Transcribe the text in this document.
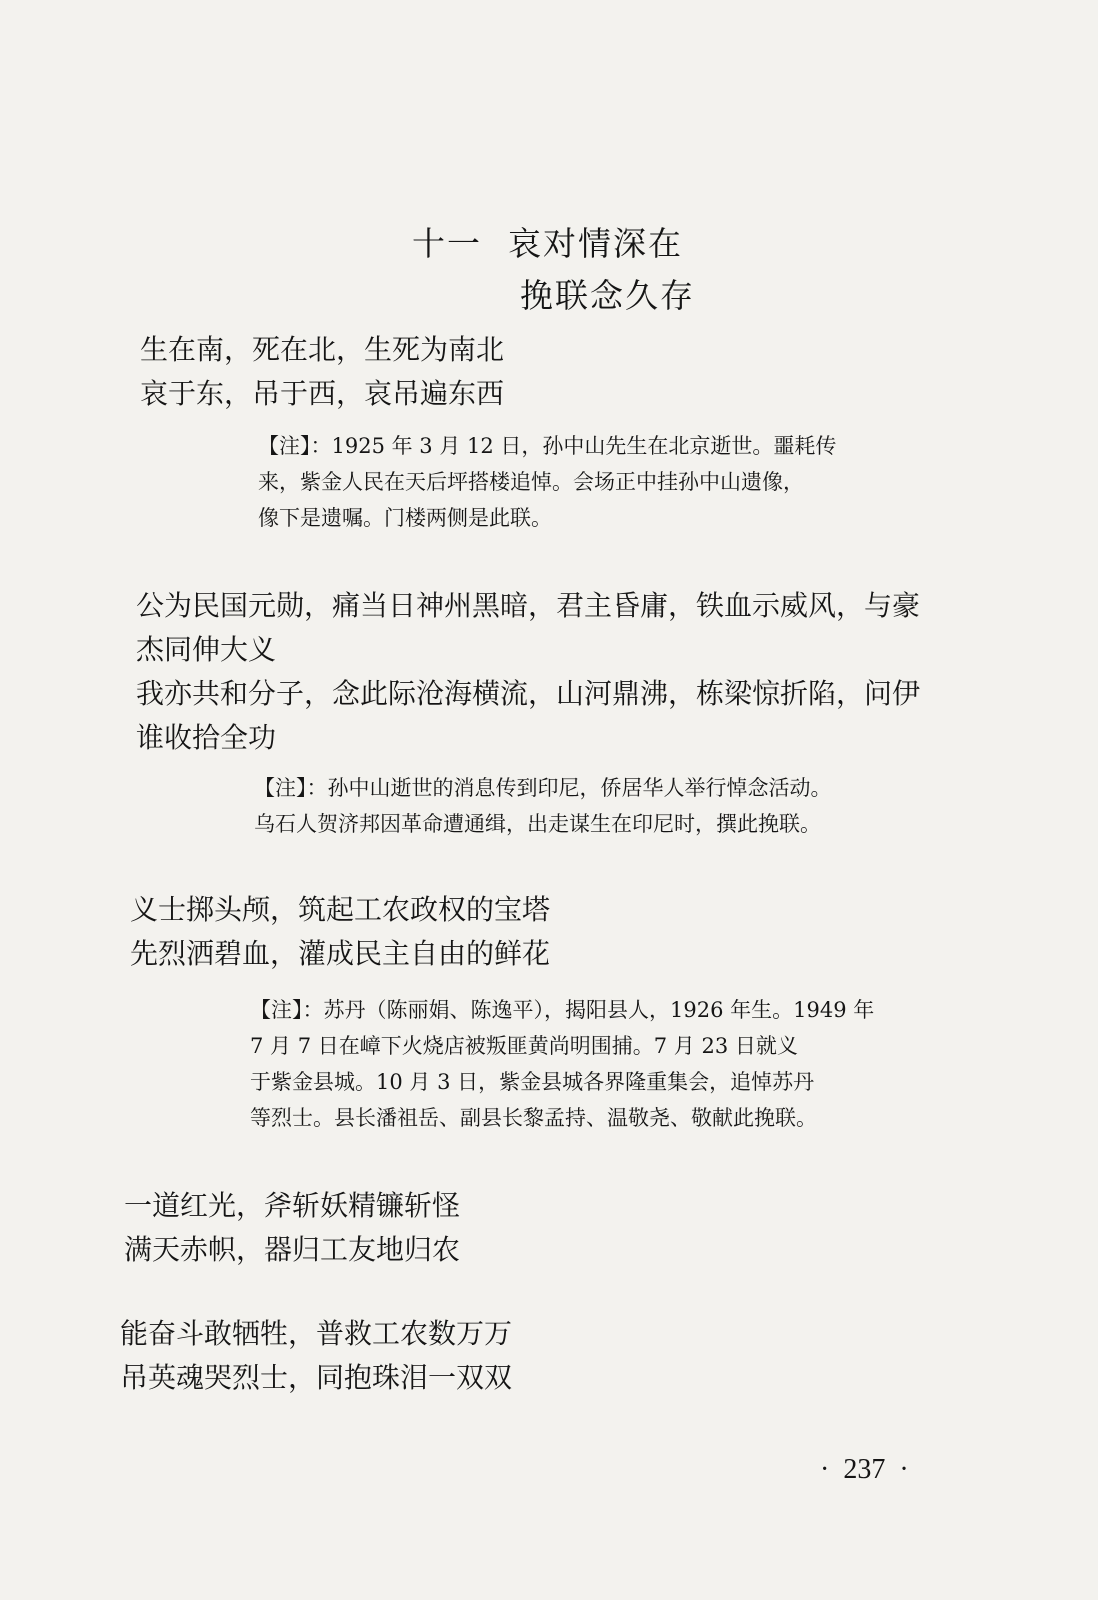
十一 哀对情深在
挽联念久存
生在南，死在北，生死为南北
哀于东，吊于西，哀吊遍东西
【注】：1925 年 3 月 12 日，孙中山先生在北京逝世。噩耗传
来，紫金人民在天后坪搭楼追悼。会场正中挂孙中山遗像，
像下是遗嘱。门楼两侧是此联。
公为民国元勋，痛当日神州黑暗，君主昏庸，铁血示威风，与豪
杰同伸大义
我亦共和分子，念此际沧海横流，山河鼎沸，栋梁惊折陷，问伊
谁收拾全功
【注】：孙中山逝世的消息传到印尼，侨居华人举行悼念活动。
乌石人贺济邦因革命遭通缉，出走谋生在印尼时，撰此挽联。
义士掷头颅，筑起工农政权的宝塔
先烈洒碧血，灌成民主自由的鲜花
【注】：苏丹（陈丽娟、陈逸平），揭阳县人，1926 年生。1949 年
7 月 7 日在嶂下火烧店被叛匪黄尚明围捕。7 月 23 日就义
于紫金县城。10 月 3 日，紫金县城各界隆重集会，追悼苏丹
等烈士。县长潘祖岳、副县长黎孟持、温敬尧、敬献此挽联。
一道红光，斧斩妖精镰斩怪
满天赤帜，器归工友地归农
能奋斗敢牺牲，普救工农数万万
吊英魂哭烈士，同抱珠泪一双双
· 237 ·
